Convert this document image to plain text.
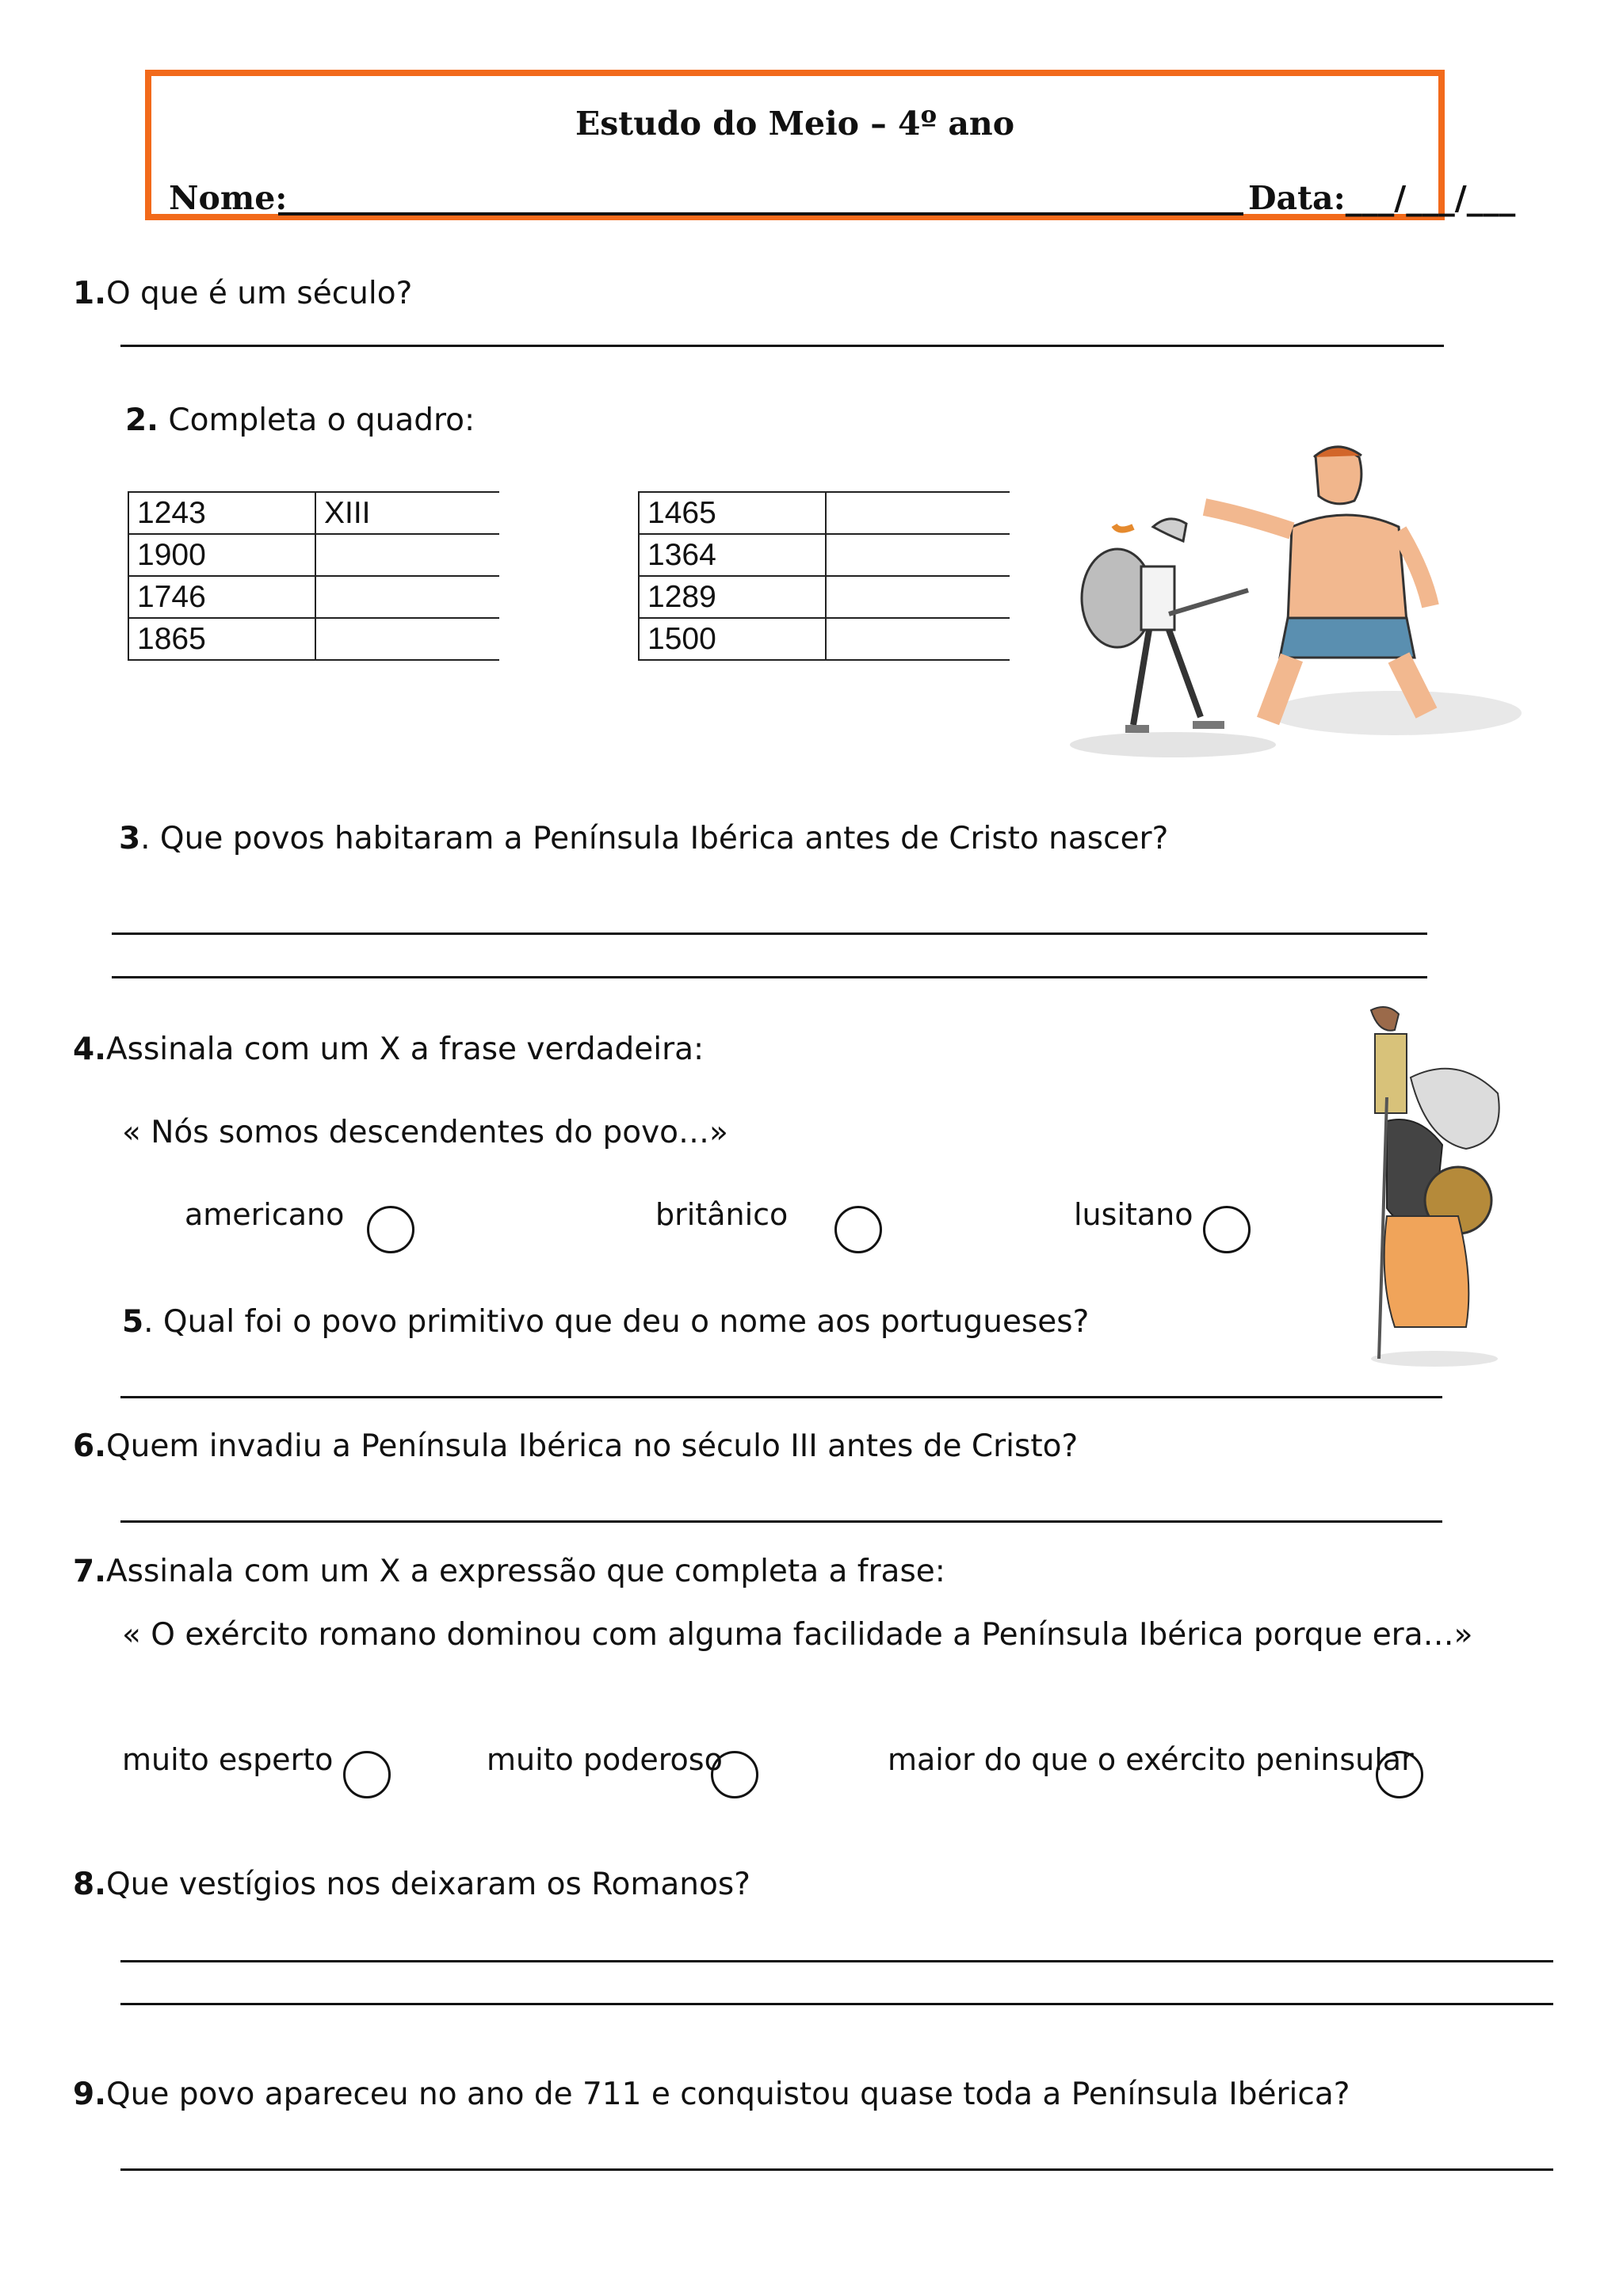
Estudo do Meio – 4º ano
Nome:	Data:___/___/___
1.O que é um século?
2. Completa o quadro:

1243	XIII
1900	
1746	
1865	

1465	
1364	
1289	
1500	
3. Que povos habitaram a Península Ibérica antes de Cristo nascer?
4.Assinala com um X a frase verdadeira:
« Nós somos descendentes do povo…»
americano	britânico	lusitano
5. Qual foi o povo primitivo que deu o nome aos portugueses?
6.Quem invadiu a Península Ibérica no século III antes de Cristo?
7.Assinala com um X a expressão que completa a frase:
« O exército romano dominou com alguma facilidade a Península Ibérica porque era…»
muito esperto	muito poderoso	maior do que o exército peninsular
8.Que vestígios nos deixaram os Romanos?
9.Que povo apareceu no ano de 711 e conquistou quase toda a Península Ibérica?
